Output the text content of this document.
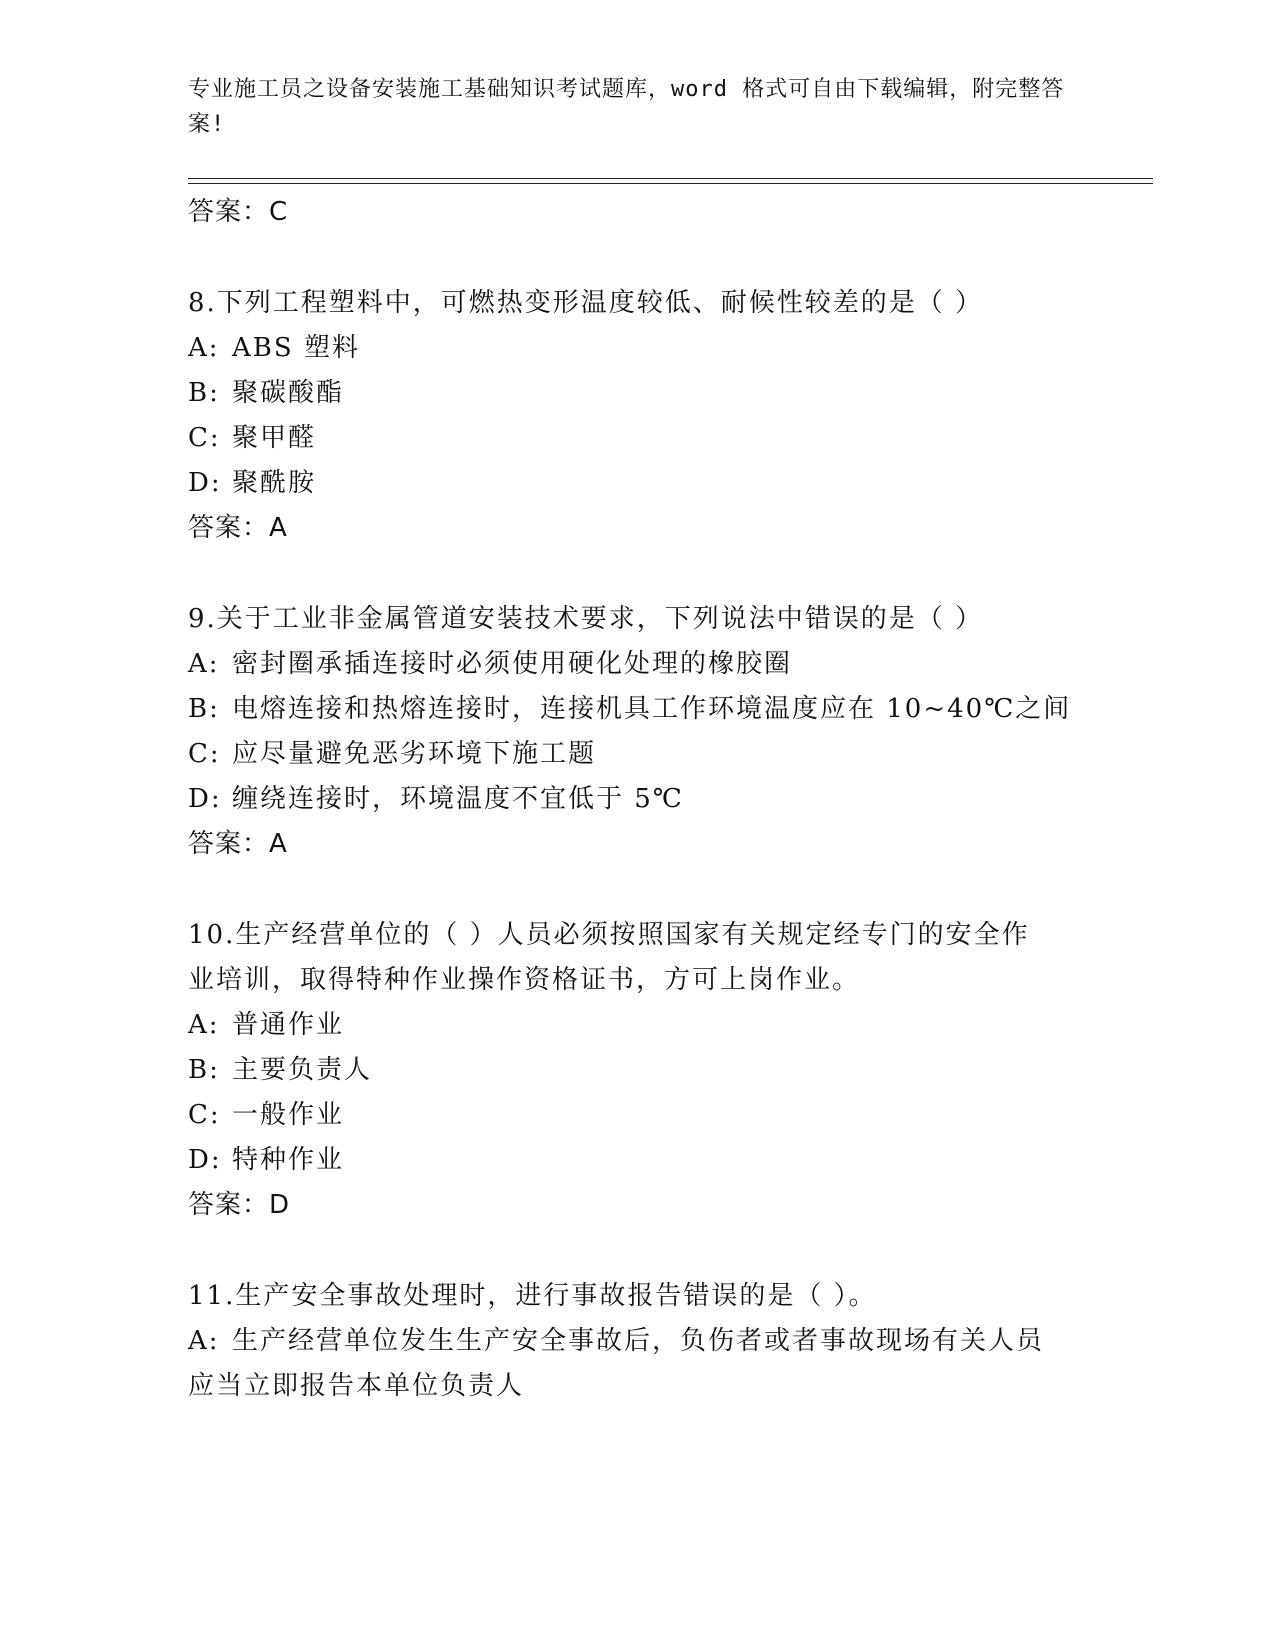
专业施工员之设备安装施工基础知识考试题库，word 格式可自由下载编辑，附完整答案!
答案：C
8.下列工程塑料中，可燃热变形温度较低、耐候性较差的是（ ）
A: ABS 塑料
B: 聚碳酸酯
C: 聚甲醛
D: 聚酰胺
答案：A
9.关于工业非金属管道安装技术要求，下列说法中错误的是（ ）
A: 密封圈承插连接时必须使用硬化处理的橡胶圈
B: 电熔连接和热熔连接时，连接机具工作环境温度应在 10~40℃之间
C: 应尽量避免恶劣环境下施工题
D: 缠绕连接时，环境温度不宜低于 5℃
答案：A
10.生产经营单位的（ ）人员必须按照国家有关规定经专门的安全作
业培训，取得特种作业操作资格证书，方可上岗作业。
A: 普通作业
B: 主要负责人
C: 一般作业
D: 特种作业
答案：D
11.生产安全事故处理时，进行事故报告错误的是（ ）。
A: 生产经营单位发生生产安全事故后，负伤者或者事故现场有关人员
应当立即报告本单位负责人
